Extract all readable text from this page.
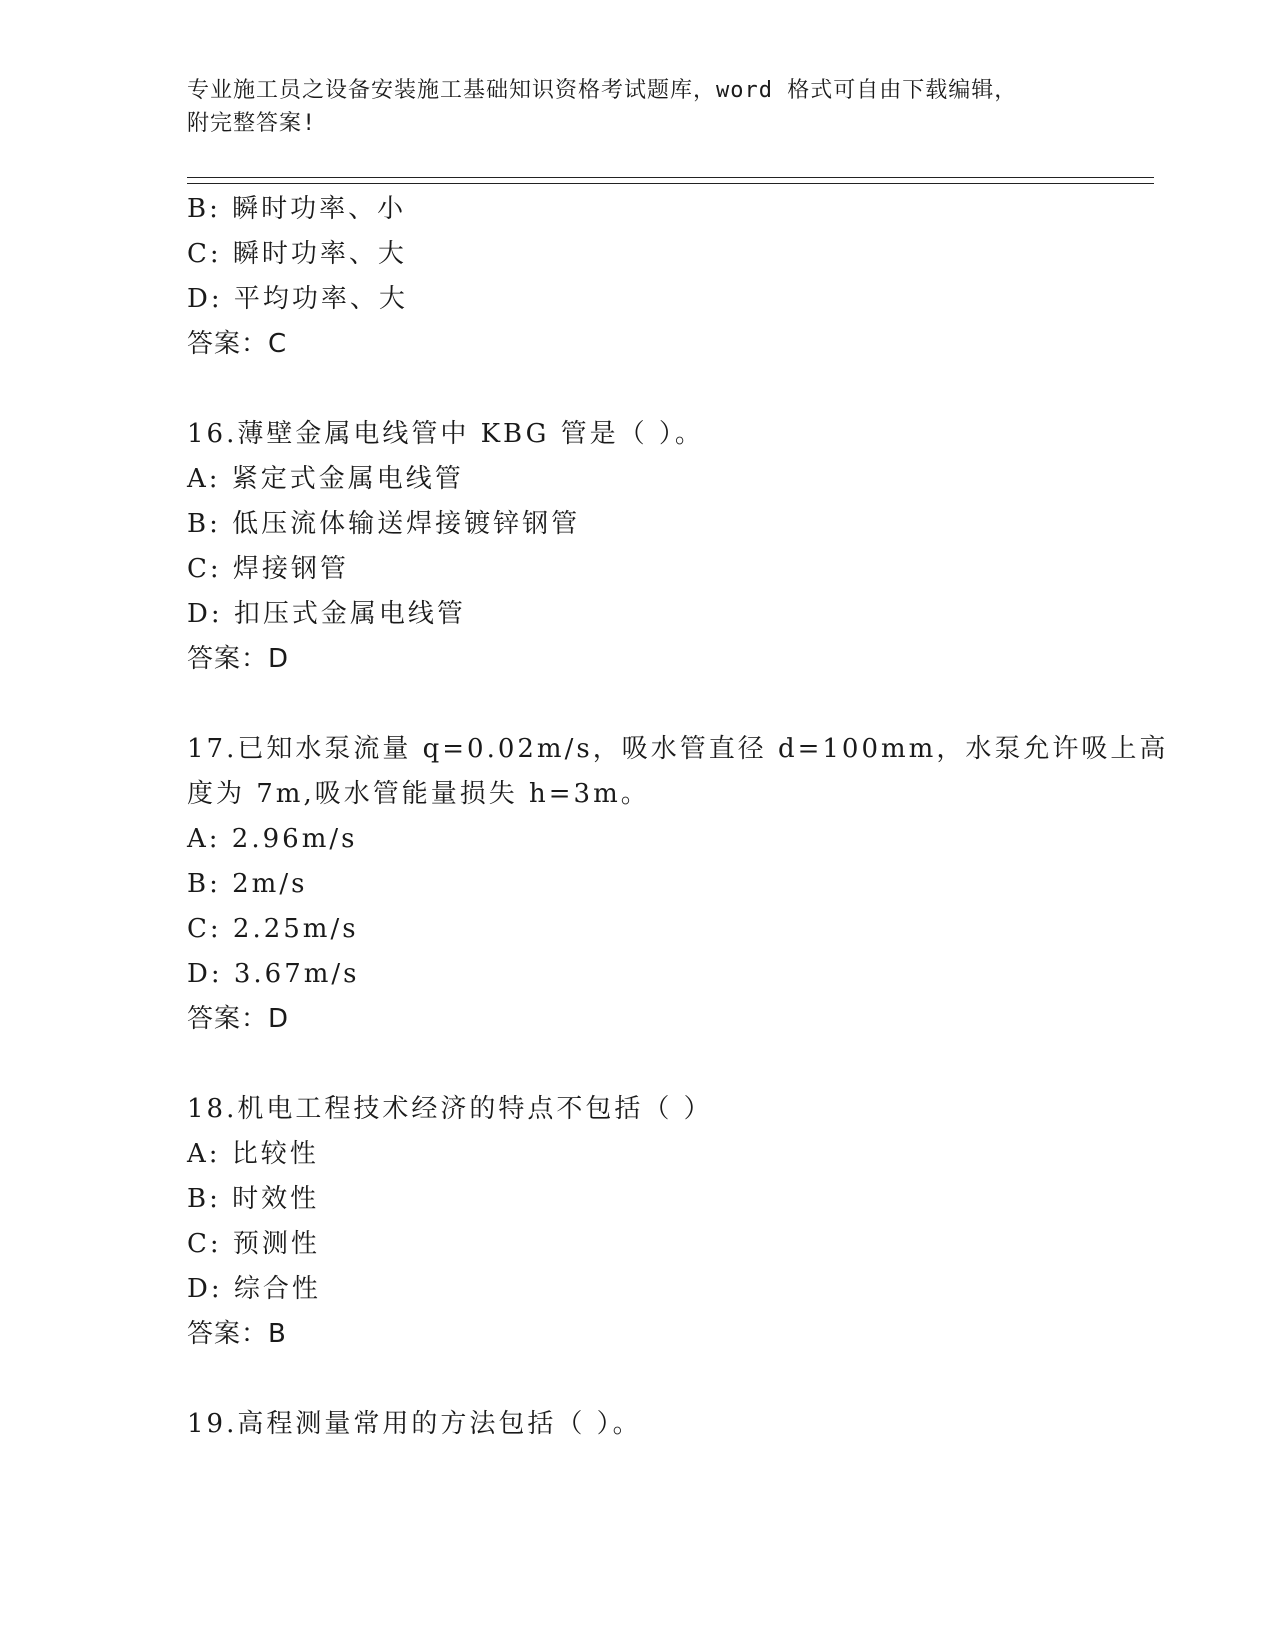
专业施工员之设备安装施工基础知识资格考试题库，word 格式可自由下载编辑，
附完整答案!
B: 瞬时功率、小
C: 瞬时功率、大
D: 平均功率、大
答案：C
16.薄壁金属电线管中 KBG 管是（ ）。
A: 紧定式金属电线管
B: 低压流体输送焊接镀锌钢管
C: 焊接钢管
D: 扣压式金属电线管
答案：D
17.已知水泵流量 q=0.02m/s，吸水管直径 d=100mm，水泵允许吸上高
度为 7m,吸水管能量损失 h=3m。
A: 2.96m/s
B: 2m/s
C: 2.25m/s
D: 3.67m/s
答案：D
18.机电工程技术经济的特点不包括（ ）
A: 比较性
B: 时效性
C: 预测性
D: 综合性
答案：B
19.高程测量常用的方法包括（ ）。
